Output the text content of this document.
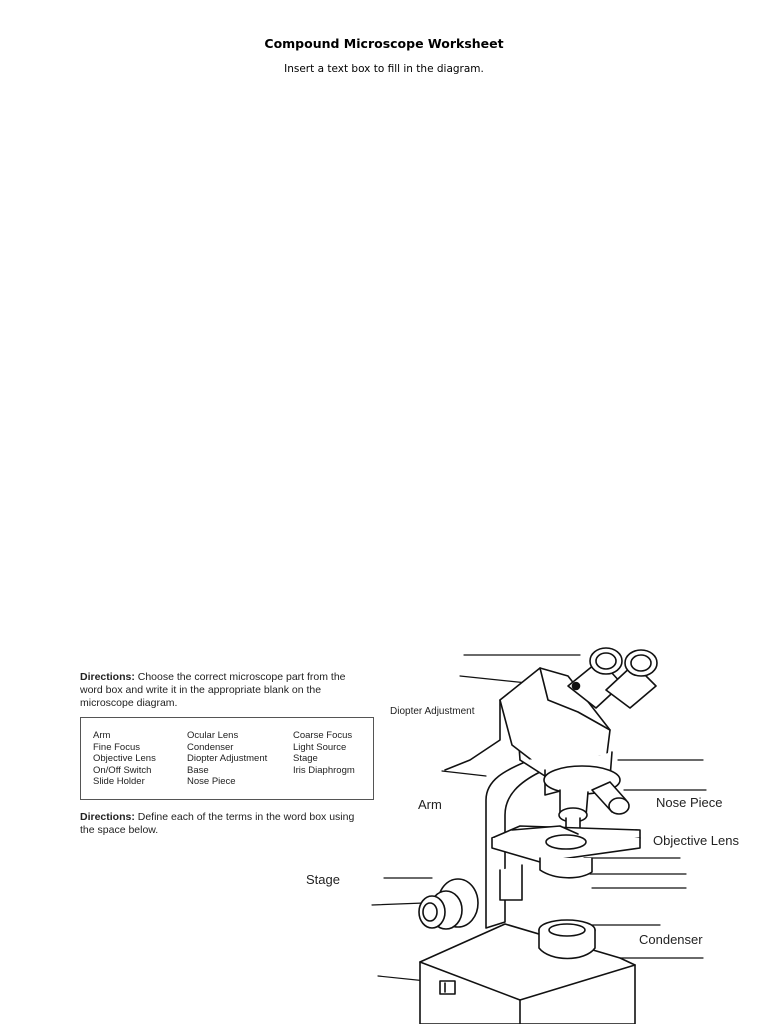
Compound Microscope Worksheet
Insert a text box to fill in the diagram.
Directions: Choose the correct microscope part from the word box and write it in the appropriate blank on the microscope diagram.
Arm
Fine Focus
Objective Lens
On/Off Switch
Slide Holder
Ocular Lens
Condenser
Diopter Adjustment
Base
Nose Piece
Coarse Focus
Light Source
Stage
Iris Diaphrogm
Directions: Define each of the terms in the word box using the space below.
Diopter Adjustment
Arm	Nose Piece
Objective Lens
Stage
Condenser
